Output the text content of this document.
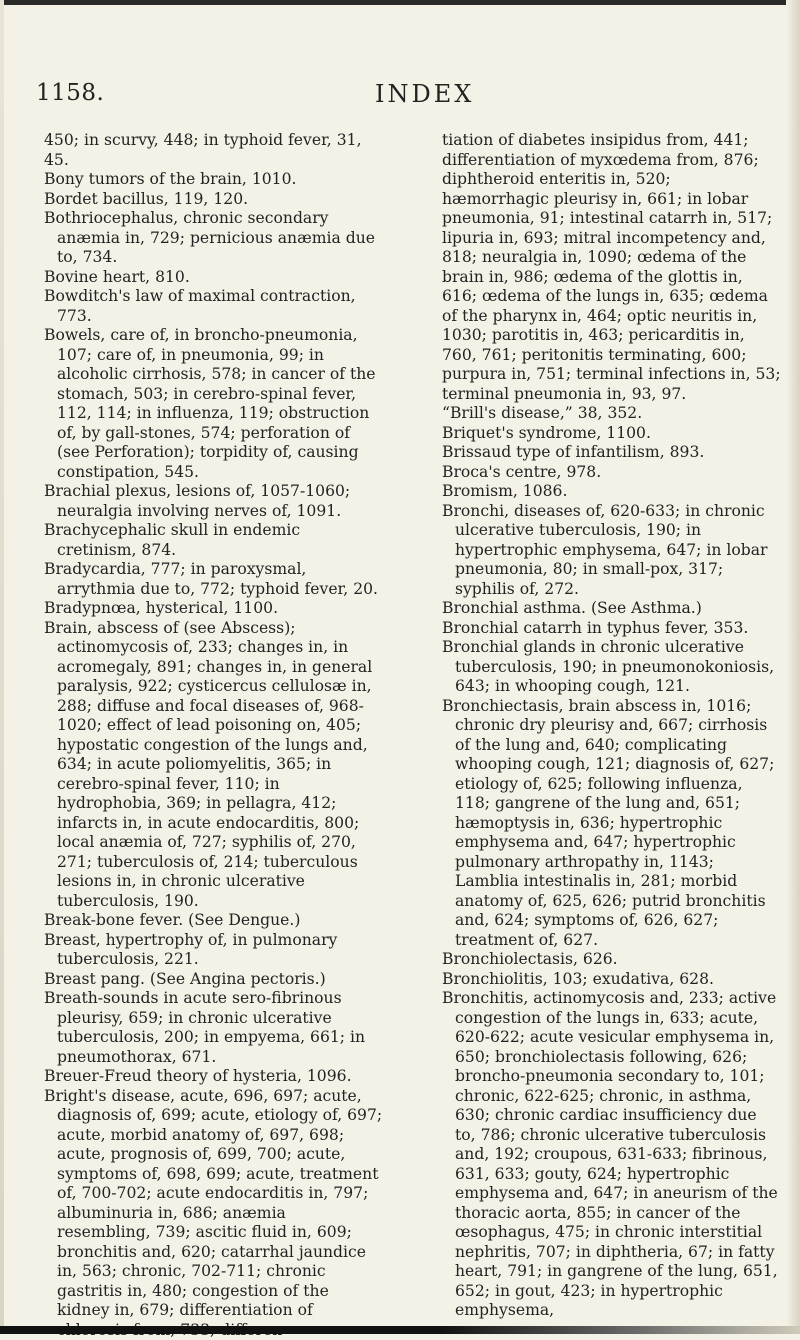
1158.	INDEX

450; in scurvy, 448; in typhoid fever, 31, 45.

Bony tumors of the brain, 1010.

Bordet bacillus, 119, 120.

Bothriocephalus, chronic secondary anæmia in, 729; pernicious anæmia due to, 734.

Bovine heart, 810.

Bowditch's law of maximal contraction, 773.

Bowels, care of, in broncho-pneumonia, 107; care of, in pneumonia, 99; in alcoholic cirrhosis, 578; in cancer of the stomach, 503; in cerebro-spinal fever, 112, 114; in influenza, 119; obstruction of, by gall-stones, 574; perforation of (see Perforation); torpidity of, causing constipation, 545.

Brachial plexus, lesions of, 1057-1060; neuralgia involving nerves of, 1091.

Brachycephalic skull in endemic cretinism, 874.

Bradycardia, 777; in paroxysmal, arrythmia due to, 772; typhoid fever, 20.

Bradypnœa, hysterical, 1100.

Brain, abscess of (see Abscess); actinomycosis of, 233; changes in, in acromegaly, 891; changes in, in general paralysis, 922; cysticercus cellulosæ in, 288; diffuse and focal diseases of, 968-1020; effect of lead poisoning on, 405; hypostatic congestion of the lungs and, 634; in acute poliomyelitis, 365; in cerebro-spinal fever, 110; in hydrophobia, 369; in pellagra, 412; infarcts in, in acute endocarditis, 800; local anæmia of, 727; syphilis of, 270, 271; tuberculosis of, 214; tuberculous lesions in, in chronic ulcerative tuberculosis, 190.

Break-bone fever. (See Dengue.)

Breast, hypertrophy of, in pulmonary tuberculosis, 221.

Breast pang. (See Angina pectoris.)

Breath-sounds in acute sero-fibrinous pleurisy, 659; in chronic ulcerative tuberculosis, 200; in empyema, 661; in pneumothorax, 671.

Breuer-Freud theory of hysteria, 1096.

Bright's disease, acute, 696, 697; acute, diagnosis of, 699; acute, etiology of, 697; acute, morbid anatomy of, 697, 698; acute, prognosis of, 699, 700; acute, symptoms of, 698, 699; acute, treatment of, 700-702; acute endocarditis in, 797; albuminuria in, 686; anæmia resembling, 739; ascitic fluid in, 609; bronchitis and, 620; catarrhal jaundice in, 563; chronic, 702-711; chronic gastritis in, 480; congestion of the kidney in, 679; differentiation of

tiation of diabetes insipidus from, 441; differentiation of myxœdema from, 876; diphtheroid enteritis in, 520; hæmorrhagic pleurisy in, 661; in lobar pneumonia, 91; intestinal catarrh in, 517; lipuria in, 693; mitral incompetency and, 818; neuralgia in, 1090; œdema of the brain in, 986; œdema of the glottis in, 616; œdema of the lungs in, 635; œdema of the pharynx in, 464; optic neuritis in, 1030; parotitis in, 463; pericarditis in, 760, 761; peritonitis terminating, 600; purpura in, 751; terminal infections in, 53; terminal pneumonia in, 93, 97.

“Brill's disease,” 38, 352.

Briquet's syndrome, 1100.

Brissaud type of infantilism, 893.

Broca's centre, 978.

Bromism, 1086.

Bronchi, diseases of, 620-633; in chronic ulcerative tuberculosis, 190; in hypertrophic emphysema, 647; in lobar pneumonia, 80; in small-pox, 317; syphilis of, 272.

Bronchial asthma. (See Asthma.)

Bronchial catarrh in typhus fever, 353.

Bronchial glands in chronic ulcerative tuberculosis, 190; in pneumonokoniosis, 643; in whooping cough, 121.

Bronchiectasis, brain abscess in, 1016; chronic dry pleurisy and, 667; cirrhosis of the lung and, 640; complicating whooping cough, 121; diagnosis of, 627; etiology of, 625; following influenza, 118; gangrene of the lung and, 651; hæmoptysis in, 636; hypertrophic emphysema and, 647; hypertrophic pulmonary arthropathy in, 1143; Lamblia intestinalis in, 281; morbid anatomy of, 625, 626; putrid bronchitis and, 624; symptoms of, 626, 627; treatment of, 627.

Bronchiolectasis, 626.

Bronchiolitis, 103; exudativa, 628.

Bronchitis, actinomycosis and, 233; active congestion of the lungs in, 633; acute, 620-622; acute vesicular emphysema in, 650; bronchiolectasis following, 626; broncho-pneumonia secondary to, 101; chronic, 622-625; chronic, in asthma, 630; chronic cardiac insufficiency due to, 786; chronic ulcerative tuberculosis and, 192; croupous, 631-633; fibrinous, 631, 633; gouty, 624; hypertrophic emphysema and, 647; in aneurism of the thoracic aorta, 855; in cancer of the œsophagus, 475; in chronic interstitial nephritis, 707; in diphtheria, 67; in fatty heart, 791; in gangrene of the lung, 651, 652; in gout, 423; in hypertrophic emphysema,
